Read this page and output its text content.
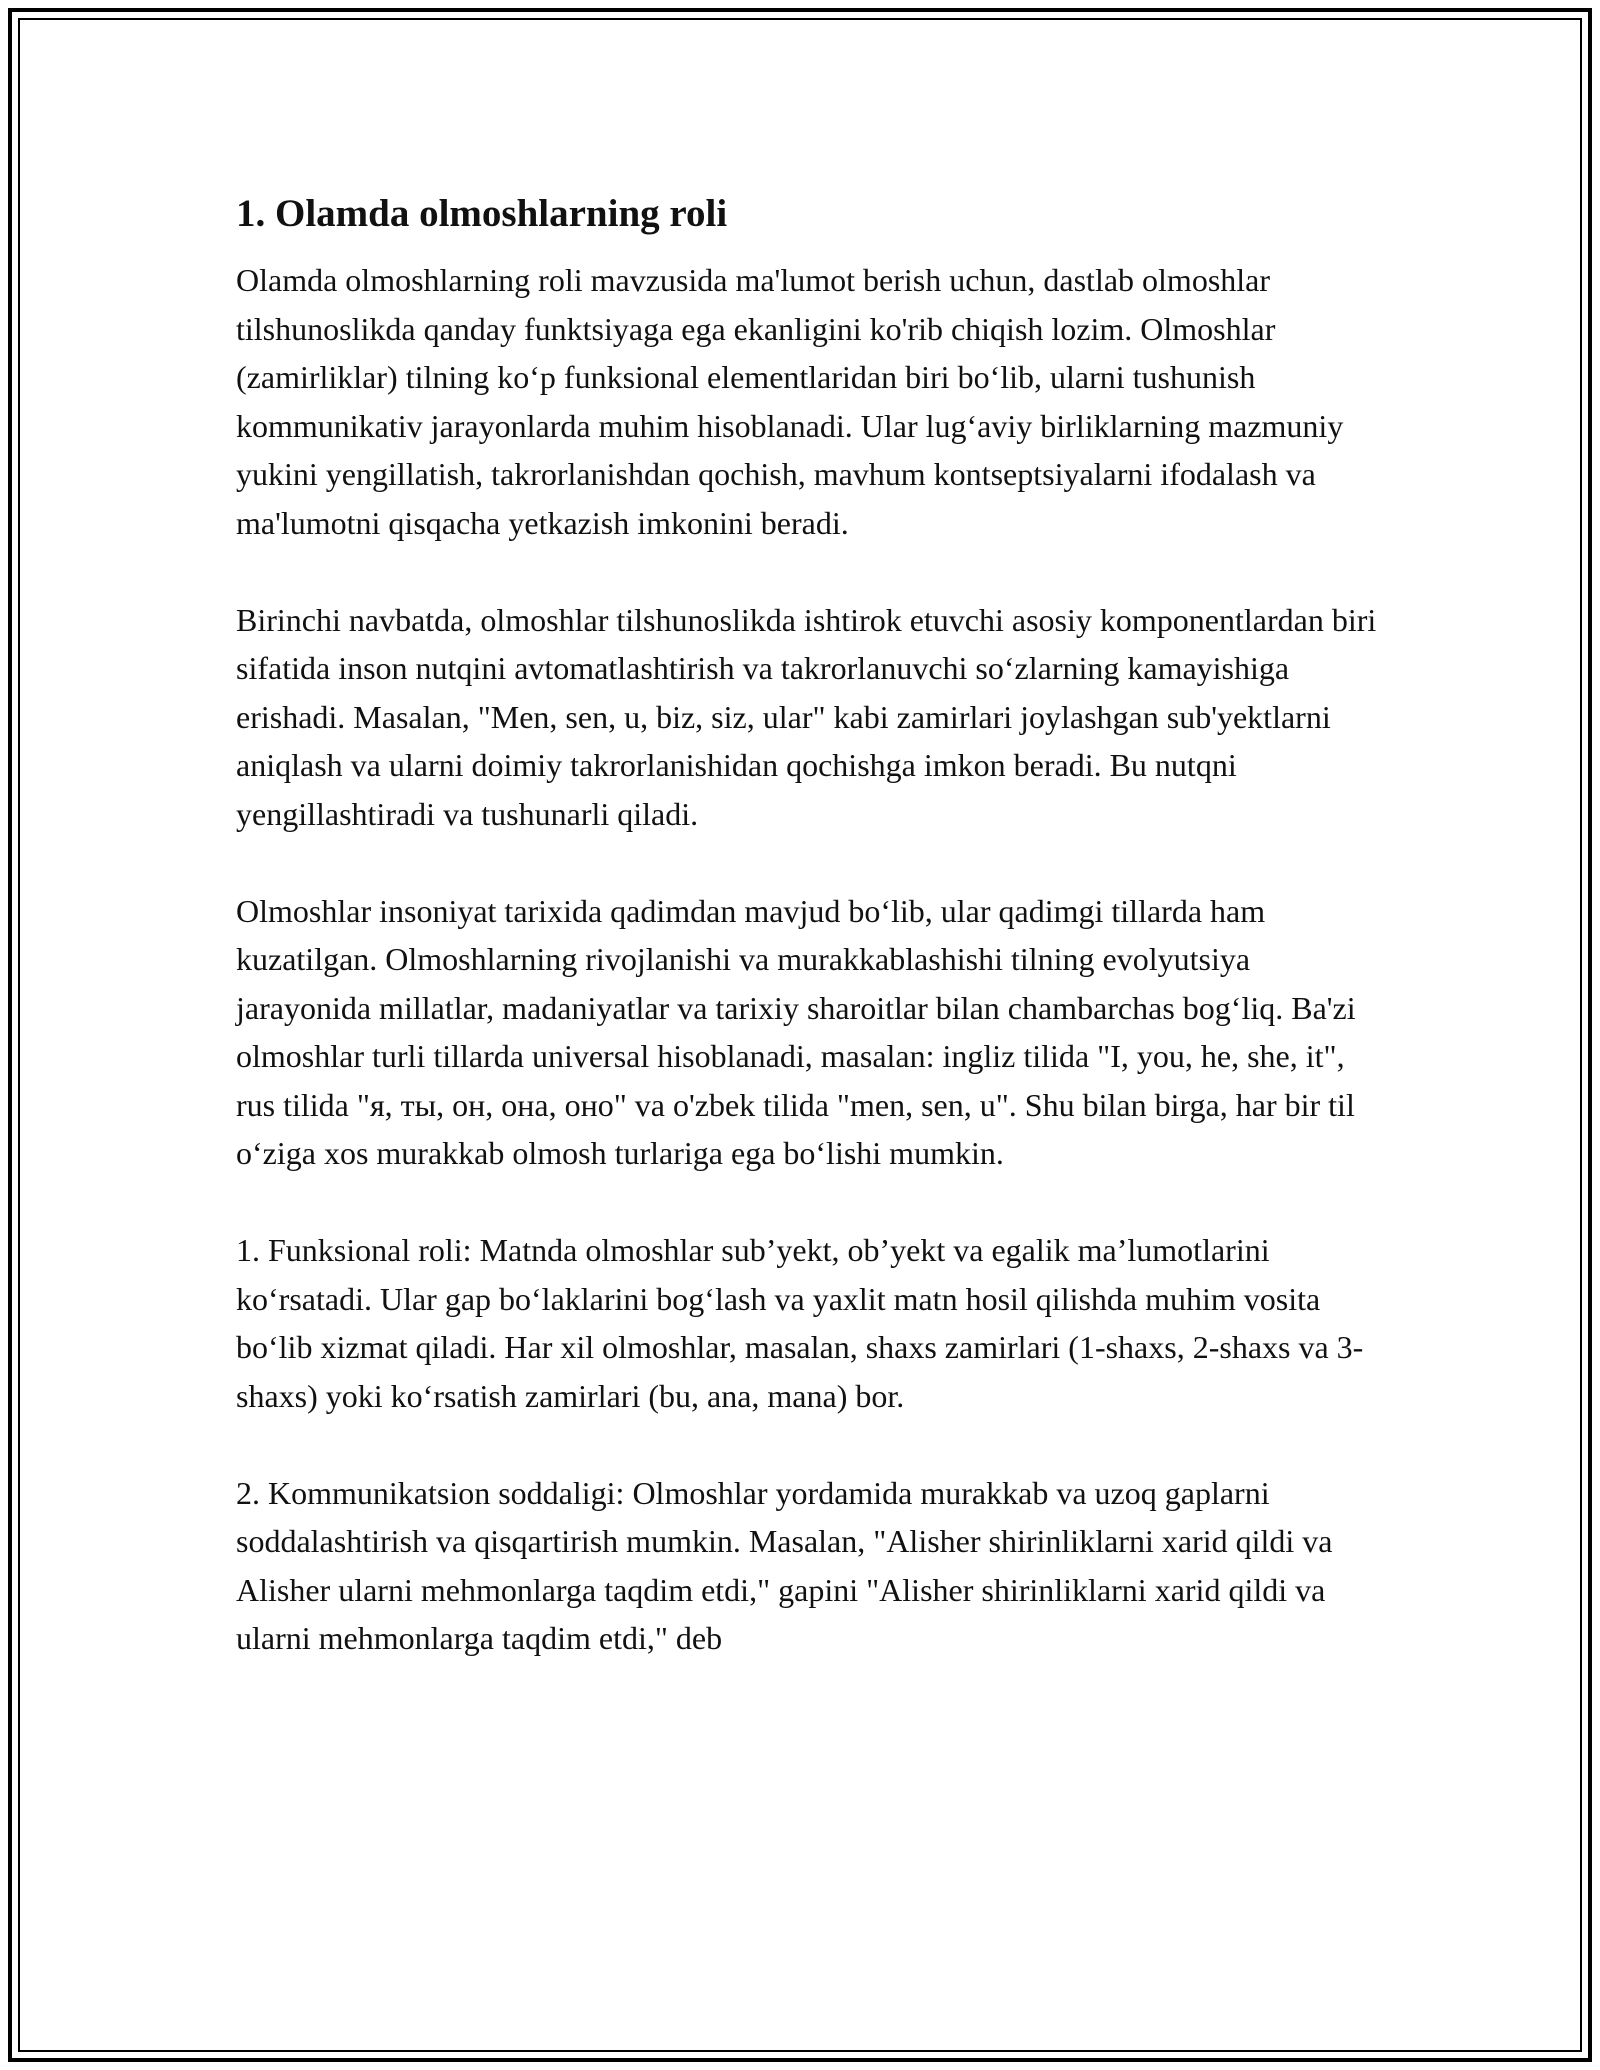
1. Olamda olmoshlarning roli

Olamda olmoshlarning roli mavzusida ma'lumot berish uchun, dastlab olmoshlar tilshunoslikda qanday funktsiyaga ega ekanligini ko'rib chiqish lozim. Olmoshlar (zamirliklar) tilning ko‘p funksional elementlaridan biri bo‘lib, ularni tushunish kommunikativ jarayonlarda muhim hisoblanadi. Ular lug‘aviy birliklarning mazmuniy yukini yengillatish, takrorlanishdan qochish, mavhum kontseptsiyalarni ifodalash va ma'lumotni qisqacha yetkazish imkonini beradi.

Birinchi navbatda, olmoshlar tilshunoslikda ishtirok etuvchi asosiy komponentlardan biri sifatida inson nutqini avtomatlashtirish va takrorlanuvchi so‘zlarning kamayishiga erishadi. Masalan, "Men, sen, u, biz, siz, ular" kabi zamirlari joylashgan sub'yektlarni aniqlash va ularni doimiy takrorlanishidan qochishga imkon beradi. Bu nutqni yengillashtiradi va tushunarli qiladi.

Olmoshlar insoniyat tarixida qadimdan mavjud bo‘lib, ular qadimgi tillarda ham kuzatilgan. Olmoshlarning rivojlanishi va murakkablashishi tilning evolyutsiya jarayonida millatlar, madaniyatlar va tarixiy sharoitlar bilan chambarchas bog‘liq. Ba'zi olmoshlar turli tillarda universal hisoblanadi, masalan: ingliz tilida "I, you, he, she, it", rus tilida "я, ты, он, она, оно" va o'zbek tilida "men, sen, u". Shu bilan birga, har bir til o‘ziga xos murakkab olmosh turlariga ega bo‘lishi mumkin.

1. Funksional roli: Matnda olmoshlar sub’yekt, ob’yekt va egalik ma’lumotlarini ko‘rsatadi. Ular gap bo‘laklarini bog‘lash va yaxlit matn hosil qilishda muhim vosita bo‘lib xizmat qiladi. Har xil olmoshlar, masalan, shaxs zamirlari (1-shaxs, 2-shaxs va 3-shaxs) yoki ko‘rsatish zamirlari (bu, ana, mana) bor.

2. Kommunikatsion soddaligi: Olmoshlar yordamida murakkab va uzoq gaplarni soddalashtirish va qisqartirish mumkin. Masalan, "Alisher shirinliklarni xarid qildi va Alisher ularni mehmonlarga taqdim etdi," gapini "Alisher shirinliklarni xarid qildi va ularni mehmonlarga taqdim etdi," deb
